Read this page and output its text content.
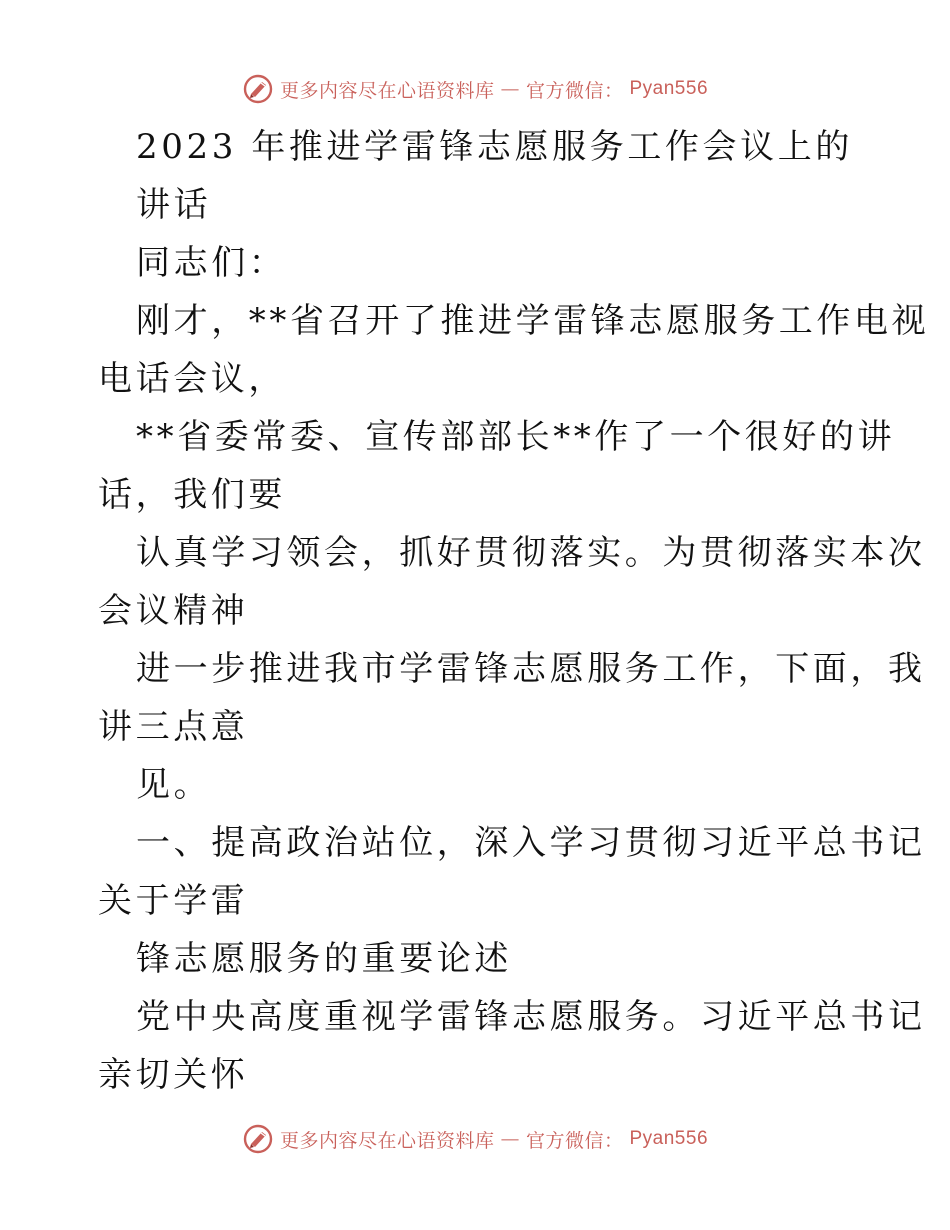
更多内容尽在心语资料库 — 官方微信： Pyan556
2023 年推进学雷锋志愿服务工作会议上的
讲话
同志们：
刚才，**省召开了推进学雷锋志愿服务工作电视
电话会议，
**省委常委、宣传部部长**作了一个很好的讲
话，我们要
认真学习领会，抓好贯彻落实。为贯彻落实本次
会议精神
进一步推进我市学雷锋志愿服务工作，下面，我
讲三点意
见。
一、提高政治站位，深入学习贯彻习近平总书记
关于学雷
锋志愿服务的重要论述
党中央高度重视学雷锋志愿服务。习近平总书记
亲切关怀
更多内容尽在心语资料库 — 官方微信： Pyan556
